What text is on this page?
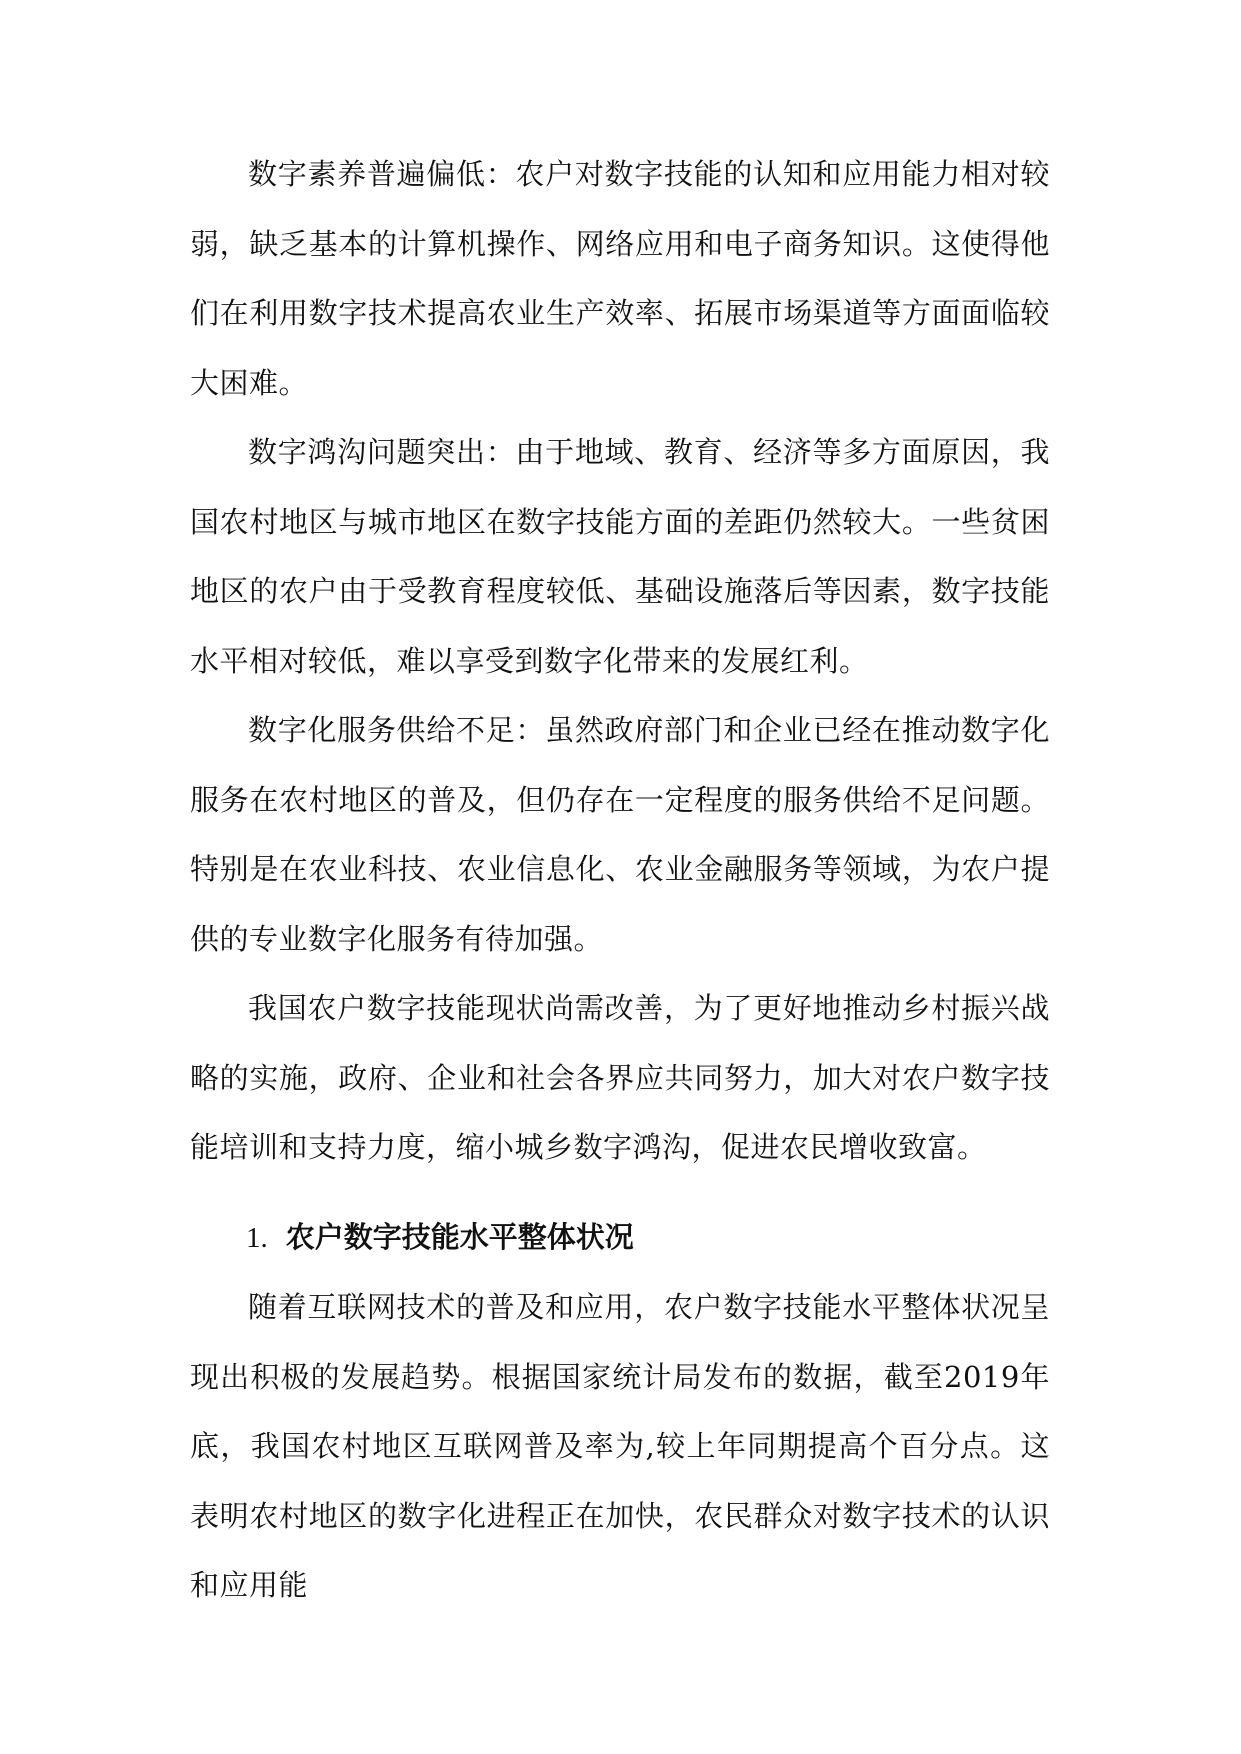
数字素养普遍偏低：农户对数字技能的认知和应用能力相对较弱，缺乏基本的计算机操作、网络应用和电子商务知识。这使得他们在利用数字技术提高农业生产效率、拓展市场渠道等方面面临较大困难。

数字鸿沟问题突出：由于地域、教育、经济等多方面原因，我国农村地区与城市地区在数字技能方面的差距仍然较大。一些贫困地区的农户由于受教育程度较低、基础设施落后等因素，数字技能水平相对较低，难以享受到数字化带来的发展红利。

数字化服务供给不足：虽然政府部门和企业已经在推动数字化服务在农村地区的普及，但仍存在一定程度的服务供给不足问题。特别是在农业科技、农业信息化、农业金融服务等领域，为农户提供的专业数字化服务有待加强。

我国农户数字技能现状尚需改善，为了更好地推动乡村振兴战略的实施，政府、企业和社会各界应共同努力，加大对农户数字技能培训和支持力度，缩小城乡数字鸿沟，促进农民增收致富。

1. 农户数字技能水平整体状况

随着互联网技术的普及和应用，农户数字技能水平整体状况呈现出积极的发展趋势。根据国家统计局发布的数据，截至2019年底，我国农村地区互联网普及率为,较上年同期提高个百分点。这表明农村地区的数字化进程正在加快，农民群众对数字技术的认识和应用能
